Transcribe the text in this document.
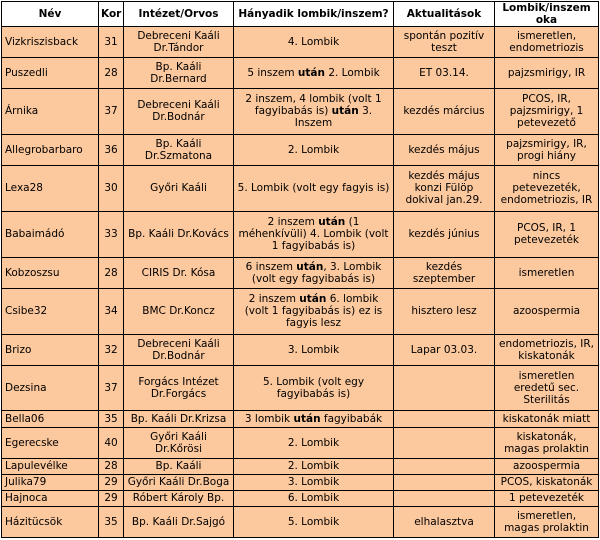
Név	Kor	Intézet/Orvos	Hányadik lombik/inszem?	Aktualitások	Lombik/inszem oka
Vizkriszisback	31	Debreceni Kaáli Dr.Tándor	4. Lombik	spontán pozitív teszt	ismeretlen, endometriozis
Puszedli	28	Bp. Kaáli Dr.Bernard	5 inszem után 2. Lombik	ET 03.14.	pajzsmirigy, IR
Árnika	37	Debreceni Kaáli Dr.Bodnár	2 inszem, 4 lombik (volt 1 fagyibabás is) után 3. Inszem	kezdés március	PCOS, IR, pajzsmirigy, 1 petevezető
Allegrobarbaro	36	Bp. Kaáli Dr.Szmatona	2. Lombik	kezdés május	pajzsmirigy, IR, progi hiány
Lexa28	30	Győri Kaáli	5. Lombik (volt egy fagyis is)	kezdés május konzi Fülöp dokival jan.29.	nincs petevezeték, endometriozis, IR
Babaimádó	33	Bp. Kaáli Dr.Kovács	2 inszem után (1 méhenkívüli) 4. Lombik (volt 1 fagyibabás is)	kezdés június	PCOS, IR, 1 petevezeték
Kobzoszsu	28	CIRIS Dr. Kósa	6 inszem után, 3. Lombik (volt egy fagyibabás is)	kezdés szeptember	ismeretlen
Csibe32	34	BMC Dr.Koncz	2 inszem után 6. lombik (volt 1 fagyibabás is) ez is fagyis lesz	hisztero lesz	azoospermia
Brizo	32	Debreceni Kaáli Dr.Bodnár	3. Lombik	Lapar 03.03.	endometriozis, IR, kiskatonák
Dezsina	37	Forgács Intézet Dr.Forgács	5. Lombik (volt egy fagyibabás is)		ismeretlen eredetű sec. Sterilitás
Bella06	35	Bp. Kaáli Dr.Krizsa	3 lombik után fagyibabák		kiskatonák miatt
Egerecske	40	Győri Kaáli Dr.Kőrösi	2. Lombik		kiskatonák, magas prolaktin
Lapulevélke	28	Bp. Kaáli	2. Lombik		azoospermia
Julika79	29	Győri Kaáli Dr.Boga	3. Lombik		PCOS, kiskatonák
Hajnoca	29	Róbert Károly Bp.	6. Lombik		1 petevezeték
Házitücsök	35	Bp. Kaáli Dr.Sajgó	5. Lombik	elhalasztva	ismeretlen, magas prolaktin
